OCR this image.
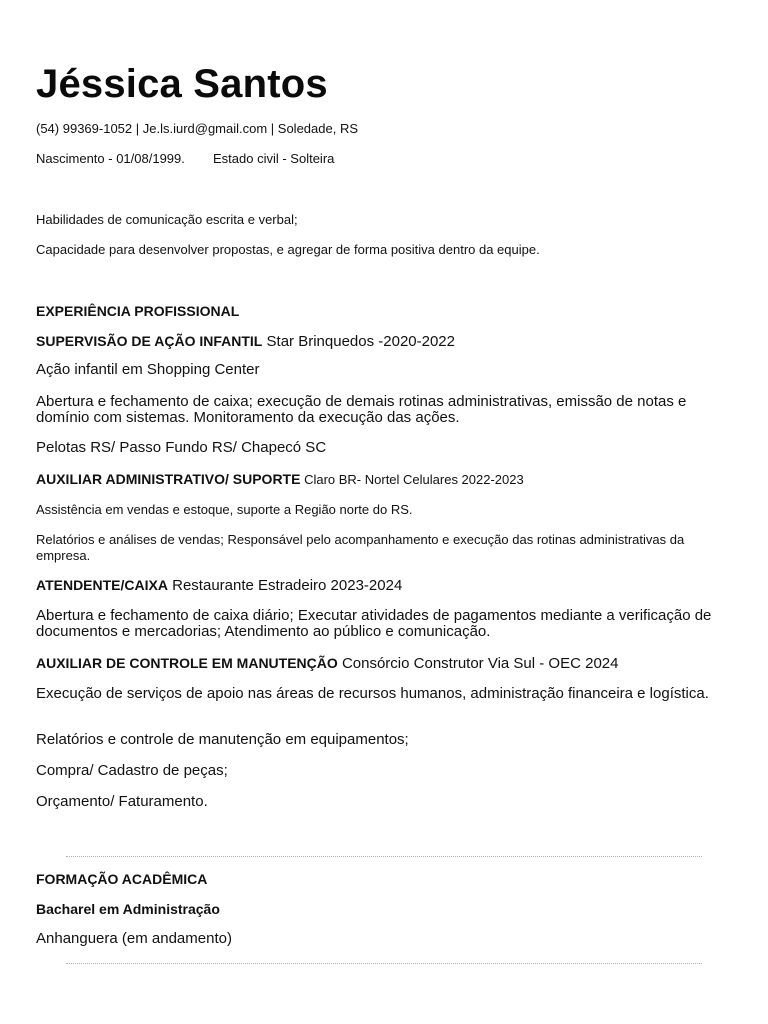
Jéssica Santos
(54) 99369-1052 | Je.ls.iurd@gmail.com | Soledade, RS
Nascimento - 01/08/1999. Estado civil - Solteira
Habilidades de comunicação escrita e verbal;
Capacidade para desenvolver propostas, e agregar de forma positiva dentro da equipe.
EXPERIÊNCIA PROFISSIONAL
SUPERVISÃO DE AÇÃO INFANTIL Star Brinquedos -2020-2022
Ação infantil em Shopping Center
Abertura e fechamento de caixa; execução de demais rotinas administrativas, emissão de notas e domínio com sistemas. Monitoramento da execução das ações.
Pelotas RS/ Passo Fundo RS/ Chapecó SC
AUXILIAR ADMINISTRATIVO/ SUPORTE Claro BR- Nortel Celulares 2022-2023
Assistência em vendas e estoque, suporte a Região norte do RS.
Relatórios e análises de vendas; Responsável pelo acompanhamento e execução das rotinas administrativas da empresa.
ATENDENTE/CAIXA Restaurante Estradeiro 2023-2024
Abertura e fechamento de caixa diário; Executar atividades de pagamentos mediante a verificação de documentos e mercadorias; Atendimento ao público e comunicação.
AUXILIAR DE CONTROLE EM MANUTENÇÃO Consórcio Construtor Via Sul - OEC 2024
Execução de serviços de apoio nas áreas de recursos humanos, administração financeira e logística.
Relatórios e controle de manutenção em equipamentos;
Compra/ Cadastro de peças;
Orçamento/ Faturamento.
FORMAÇÃO ACADÊMICA
Bacharel em Administração
Anhanguera (em andamento)
